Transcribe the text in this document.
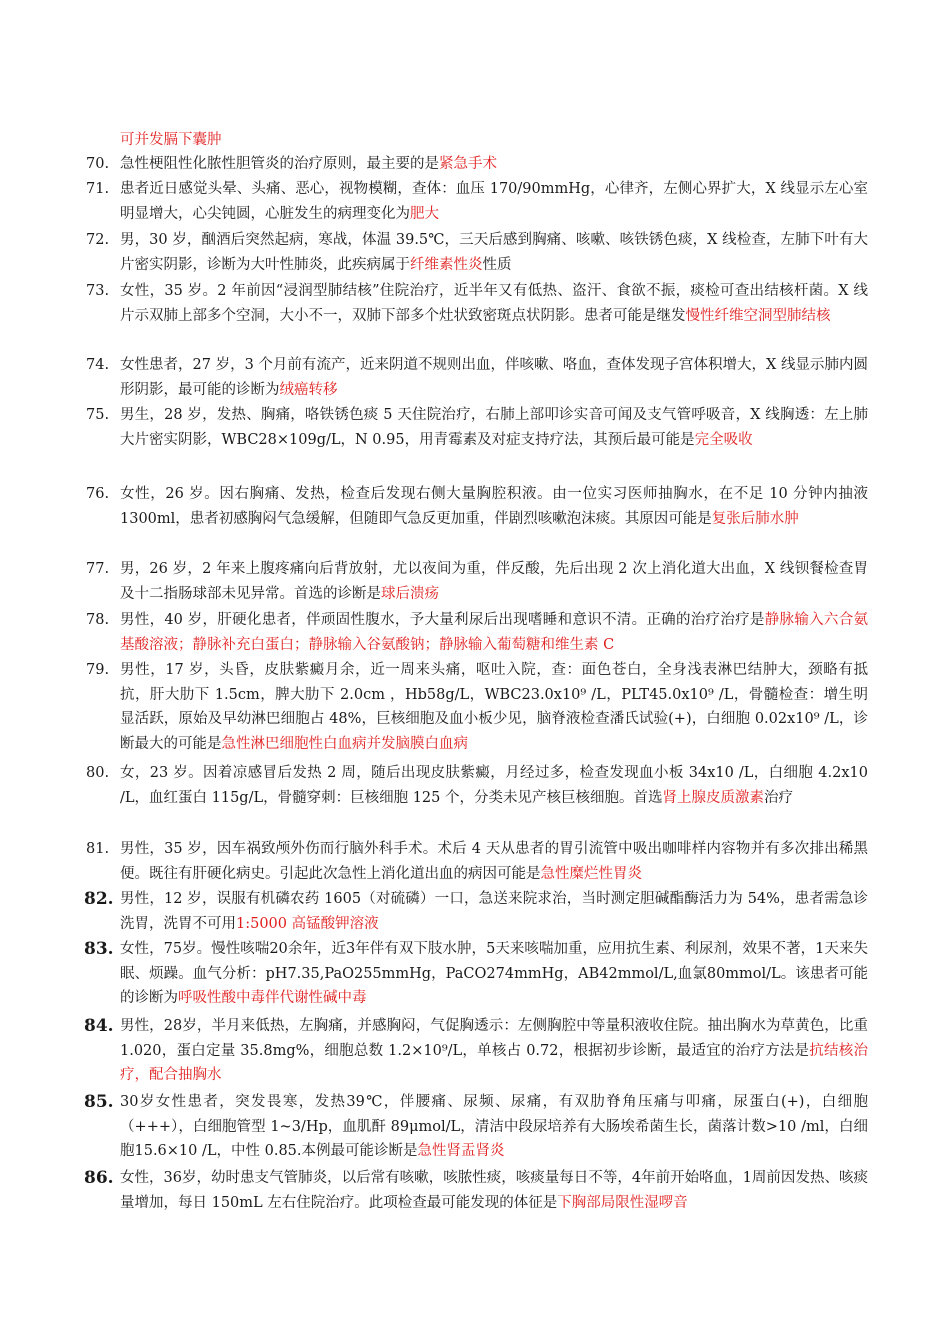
可并发膈下囊肿
70. 急性梗阻性化脓性胆管炎的治疗原则，最主要的是紧急手术
71. 患者近日感觉头晕、头痛、恶心，视物模糊，查体：血压 170/90mmHg，心律齐，左侧心界扩大，X 线显示左心室明显增大，心尖钝圆，心脏发生的病理变化为肥大
72. 男，30 岁，酗酒后突然起病，寒战，体温 39.5℃，三天后感到胸痛、咳嗽、咳铁锈色痰，X 线检查，左肺下叶有大片密实阴影，诊断为大叶性肺炎，此疾病属于纤维素性炎性质
73. 女性，35 岁。2 年前因“浸润型肺结核”住院治疗，近半年又有低热、盗汗、食欲不振，痰检可查出结核杆菌。X 线片示双肺上部多个空洞，大小不一，双肺下部多个灶状致密斑点状阴影。患者可能是继发慢性纤维空洞型肺结核
74. 女性患者，27 岁，3 个月前有流产，近来阴道不规则出血，伴咳嗽、咯血，查体发现子宫体积增大，X 线显示肺内圆形阴影，最可能的诊断为绒癌转移
75. 男生，28 岁，发热、胸痛，咯铁锈色痰 5 天住院治疗，右肺上部叩诊实音可闻及支气管呼吸音，X 线胸透：左上肺大片密实阴影，WBC28×109g/L，N 0.95，用青霉素及对症支持疗法，其预后最可能是完全吸收
76. 女性，26 岁。因右胸痛、发热，检查后发现右侧大量胸腔积液。由一位实习医师抽胸水，在不足 10 分钟内抽液 1300ml，患者初感胸闷气急缓解，但随即气急反更加重，伴剧烈咳嗽泡沫痰。其原因可能是复张后肺水肿
77. 男，26 岁，2 年来上腹疼痛向后背放射，尤以夜间为重，伴反酸，先后出现 2 次上消化道大出血，X 线钡餐检查胃及十二指肠球部未见异常。首选的诊断是球后溃疡
78. 男性，40 岁，肝硬化患者，伴顽固性腹水，予大量利尿后出现嗜睡和意识不清。正确的治疗治疗是静脉输入六合氨基酸溶液；静脉补充白蛋白；静脉输入谷氨酸钠；静脉输入葡萄糖和维生素 C
79. 男性，17 岁，头昏，皮肤紫癜月余，近一周来头痛，呕吐入院，查：面色苍白，全身浅表淋巴结肿大，颈略有抵抗，肝大肋下 1.5cm，脾大肋下 2.0cm ，Hb58g/L，WBC23.0x10⁹ /L，PLT45.0x10⁹ /L，骨髓检查：增生明显活跃，原始及早幼淋巴细胞占 48%，巨核细胞及血小板少见，脑脊液检查潘氏试验(+)，白细胞 0.02x10⁹ /L，诊断最大的可能是急性淋巴细胞性白血病并发脑膜白血病
80. 女，23 岁。因着凉感冒后发热 2 周，随后出现皮肤紫癜，月经过多，检查发现血小板 34x10 /L，白细胞 4.2x10 /L，血红蛋白 115g/L，骨髓穿刺：巨核细胞 125 个，分类未见产核巨核细胞。首选肾上腺皮质激素治疗
81. 男性，35 岁，因车祸致颅外伤而行脑外科手术。术后 4 天从患者的胃引流管中吸出咖啡样内容物并有多次排出稀黑便。既往有肝硬化病史。引起此次急性上消化道出血的病因可能是急性糜烂性胃炎
82. 男性，12 岁，误服有机磷农药 1605（对硫磷）一口，急送来院求治，当时测定胆碱酯酶活力为 54%，患者需急诊洗胃，洗胃不可用1:5000 高锰酸钾溶液
83. 女性，75岁。慢性咳喘20余年，近3年伴有双下肢水肿，5天来咳喘加重，应用抗生素、利尿剂，效果不著，1天来失眠、烦躁。血气分析：pH7.35,PaO255mmHg，PaCO274mmHg，AB42mmol/L,血氯80mmol/L。该患者可能的诊断为呼吸性酸中毒伴代谢性碱中毒
84. 男性，28岁，半月来低热，左胸痛，并感胸闷，气促胸透示：左侧胸腔中等量积液收住院。抽出胸水为草黄色，比重 1.020，蛋白定量 35.8mg%，细胞总数 1.2×10⁹/L，单核占 0.72，根据初步诊断，最适宜的治疗方法是抗结核治疗，配合抽胸水
85. 30岁女性患者，突发畏寒，发热39℃，伴腰痛、尿频、尿痛，有双肋脊角压痛与叩痛，尿蛋白(+)，白细胞（+++），白细胞管型 1~3/Hp，血肌酐 89μmol/L，清洁中段尿培养有大肠埃希菌生长，菌落计数>10 /ml，白细胞15.6×10 /L，中性 0.85.本例最可能诊断是急性肾盂肾炎
86. 女性，36岁，幼时患支气管肺炎，以后常有咳嗽，咳脓性痰，咳痰量每日不等，4年前开始咯血，1周前因发热、咳痰量增加，每日 150mL 左右住院治疗。此项检查最可能发现的体征是下胸部局限性湿啰音
